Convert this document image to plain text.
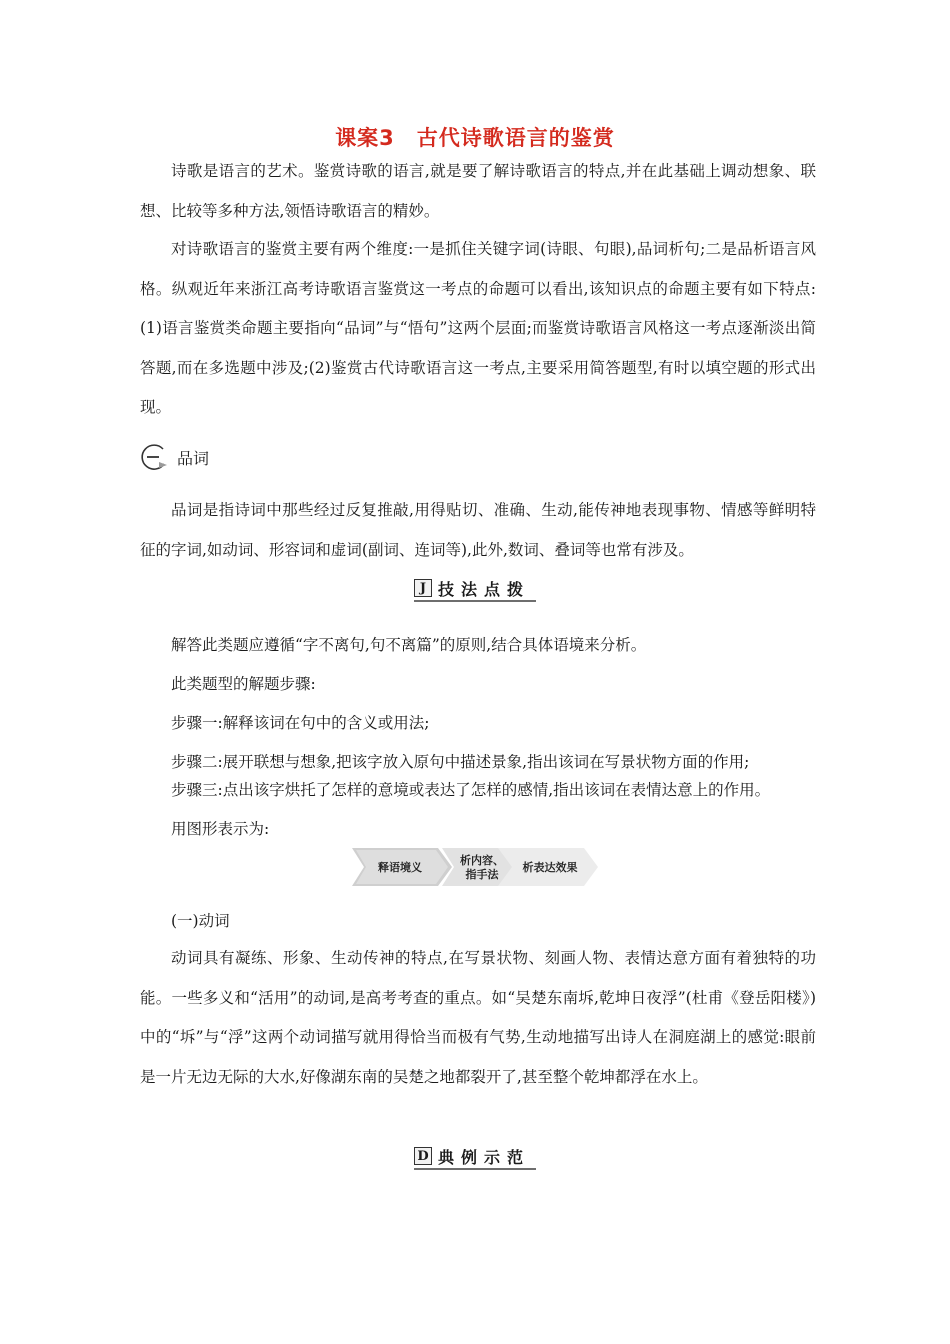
课案3　古代诗歌语言的鉴赏

诗歌是语言的艺术。鉴赏诗歌的语言,就是要了解诗歌语言的特点,并在此基础上调动想象、联想、比较等多种方法,领悟诗歌语言的精妙。

对诗歌语言的鉴赏主要有两个维度:一是抓住关键字词(诗眼、句眼),品词析句;二是品析语言风格。纵观近年来浙江高考诗歌语言鉴赏这一考点的命题可以看出,该知识点的命题主要有如下特点:(1)语言鉴赏类命题主要指向“品词”与“悟句”这两个层面;而鉴赏诗歌语言风格这一考点逐渐淡出简答题,而在多选题中涉及;(2)鉴赏古代诗歌语言这一考点,主要采用简答题型,有时以填空题的形式出现。

品词

品词是指诗词中那些经过反复推敲,用得贴切、准确、生动,能传神地表现事物、情感等鲜明特征的字词,如动词、形容词和虚词(副词、连词等),此外,数词、叠词等也常有涉及。

J 技法点拨

解答此类题应遵循“字不离句,句不离篇”的原则,结合具体语境来分析。

此类题型的解题步骤:

步骤一:解释该词在句中的含义或用法;

步骤二:展开联想与想象,把该字放入原句中描述景象,指出该词在写景状物方面的作用;

步骤三:点出该字烘托了怎样的意境或表达了怎样的感情,指出该词在表情达意上的作用。

用图形表示为:

释语境义
析内容、
指手法
析表达效果

(一)动词

动词具有凝练、形象、生动传神的特点,在写景状物、刻画人物、表情达意方面有着独特的功能。一些多义和“活用”的动词,是高考考查的重点。如“吴楚东南坼,乾坤日夜浮”(杜甫《登岳阳楼》)中的“坼”与“浮”这两个动词描写就用得恰当而极有气势,生动地描写出诗人在洞庭湖上的感觉:眼前是一片无边无际的大水,好像湖东南的吴楚之地都裂开了,甚至整个乾坤都浮在水上。

D 典例示范
